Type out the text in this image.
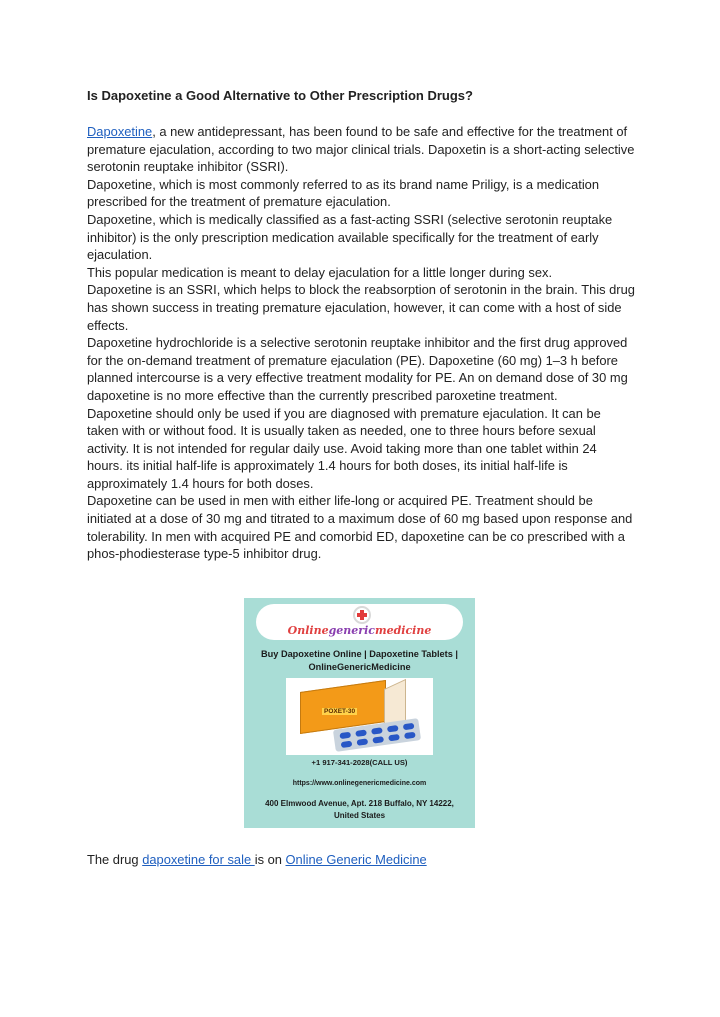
Is Dapoxetine a Good Alternative to Other Prescription Drugs?

Dapoxetine, a new antidepressant, has been found to be safe and effective for the treatment of premature ejaculation, according to two major clinical trials. Dapoxetin is a short-acting selective serotonin reuptake inhibitor (SSRI).

Dapoxetine, which is most commonly referred to as its brand name Priligy, is a medication prescribed for the treatment of premature ejaculation.

Dapoxetine, which is medically classified as a fast-acting SSRI (selective serotonin reuptake inhibitor) is the only prescription medication available specifically for the treatment of early ejaculation.

This popular medication is meant to delay ejaculation for a little longer during sex.

Dapoxetine is an SSRI, which helps to block the reabsorption of serotonin in the brain. This drug has shown success in treating premature ejaculation, however, it can come with a host of side effects.

Dapoxetine hydrochloride is a selective serotonin reuptake inhibitor and the first drug approved for the on-demand treatment of premature ejaculation (PE). Dapoxetine (60 mg) 1–3 h before planned intercourse is a very effective treatment modality for PE. An on demand dose of 30 mg dapoxetine is no more effective than the currently prescribed paroxetine treatment.

Dapoxetine should only be used if you are diagnosed with premature ejaculation. It can be taken with or without food. It is usually taken as needed, one to three hours before sexual activity. It is not intended for regular daily use. Avoid taking more than one tablet within 24 hours. its initial half-life is approximately 1.4 hours for both doses, its initial half-life is approximately 1.4 hours for both doses.

Dapoxetine can be used in men with either life-long or acquired PE. Treatment should be initiated at a dose of 30 mg and titrated to a maximum dose of 60 mg based upon response and tolerability. In men with acquired PE and comorbid ED, dapoxetine can be co prescribed with a phos-phodiesterase type-5 inhibitor drug.

Onlinegenericmedicine
Buy Dapoxetine Online | Dapoxetine Tablets |
OnlineGenericMedicine
POXET-30
+1 917-341-2028(CALL US)
https://www.onlinegenericmedicine.com
400 Elmwood Avenue, Apt. 218 Buffalo, NY 14222,
United States
The drug dapoxetine for sale is on Online Generic Medicine
